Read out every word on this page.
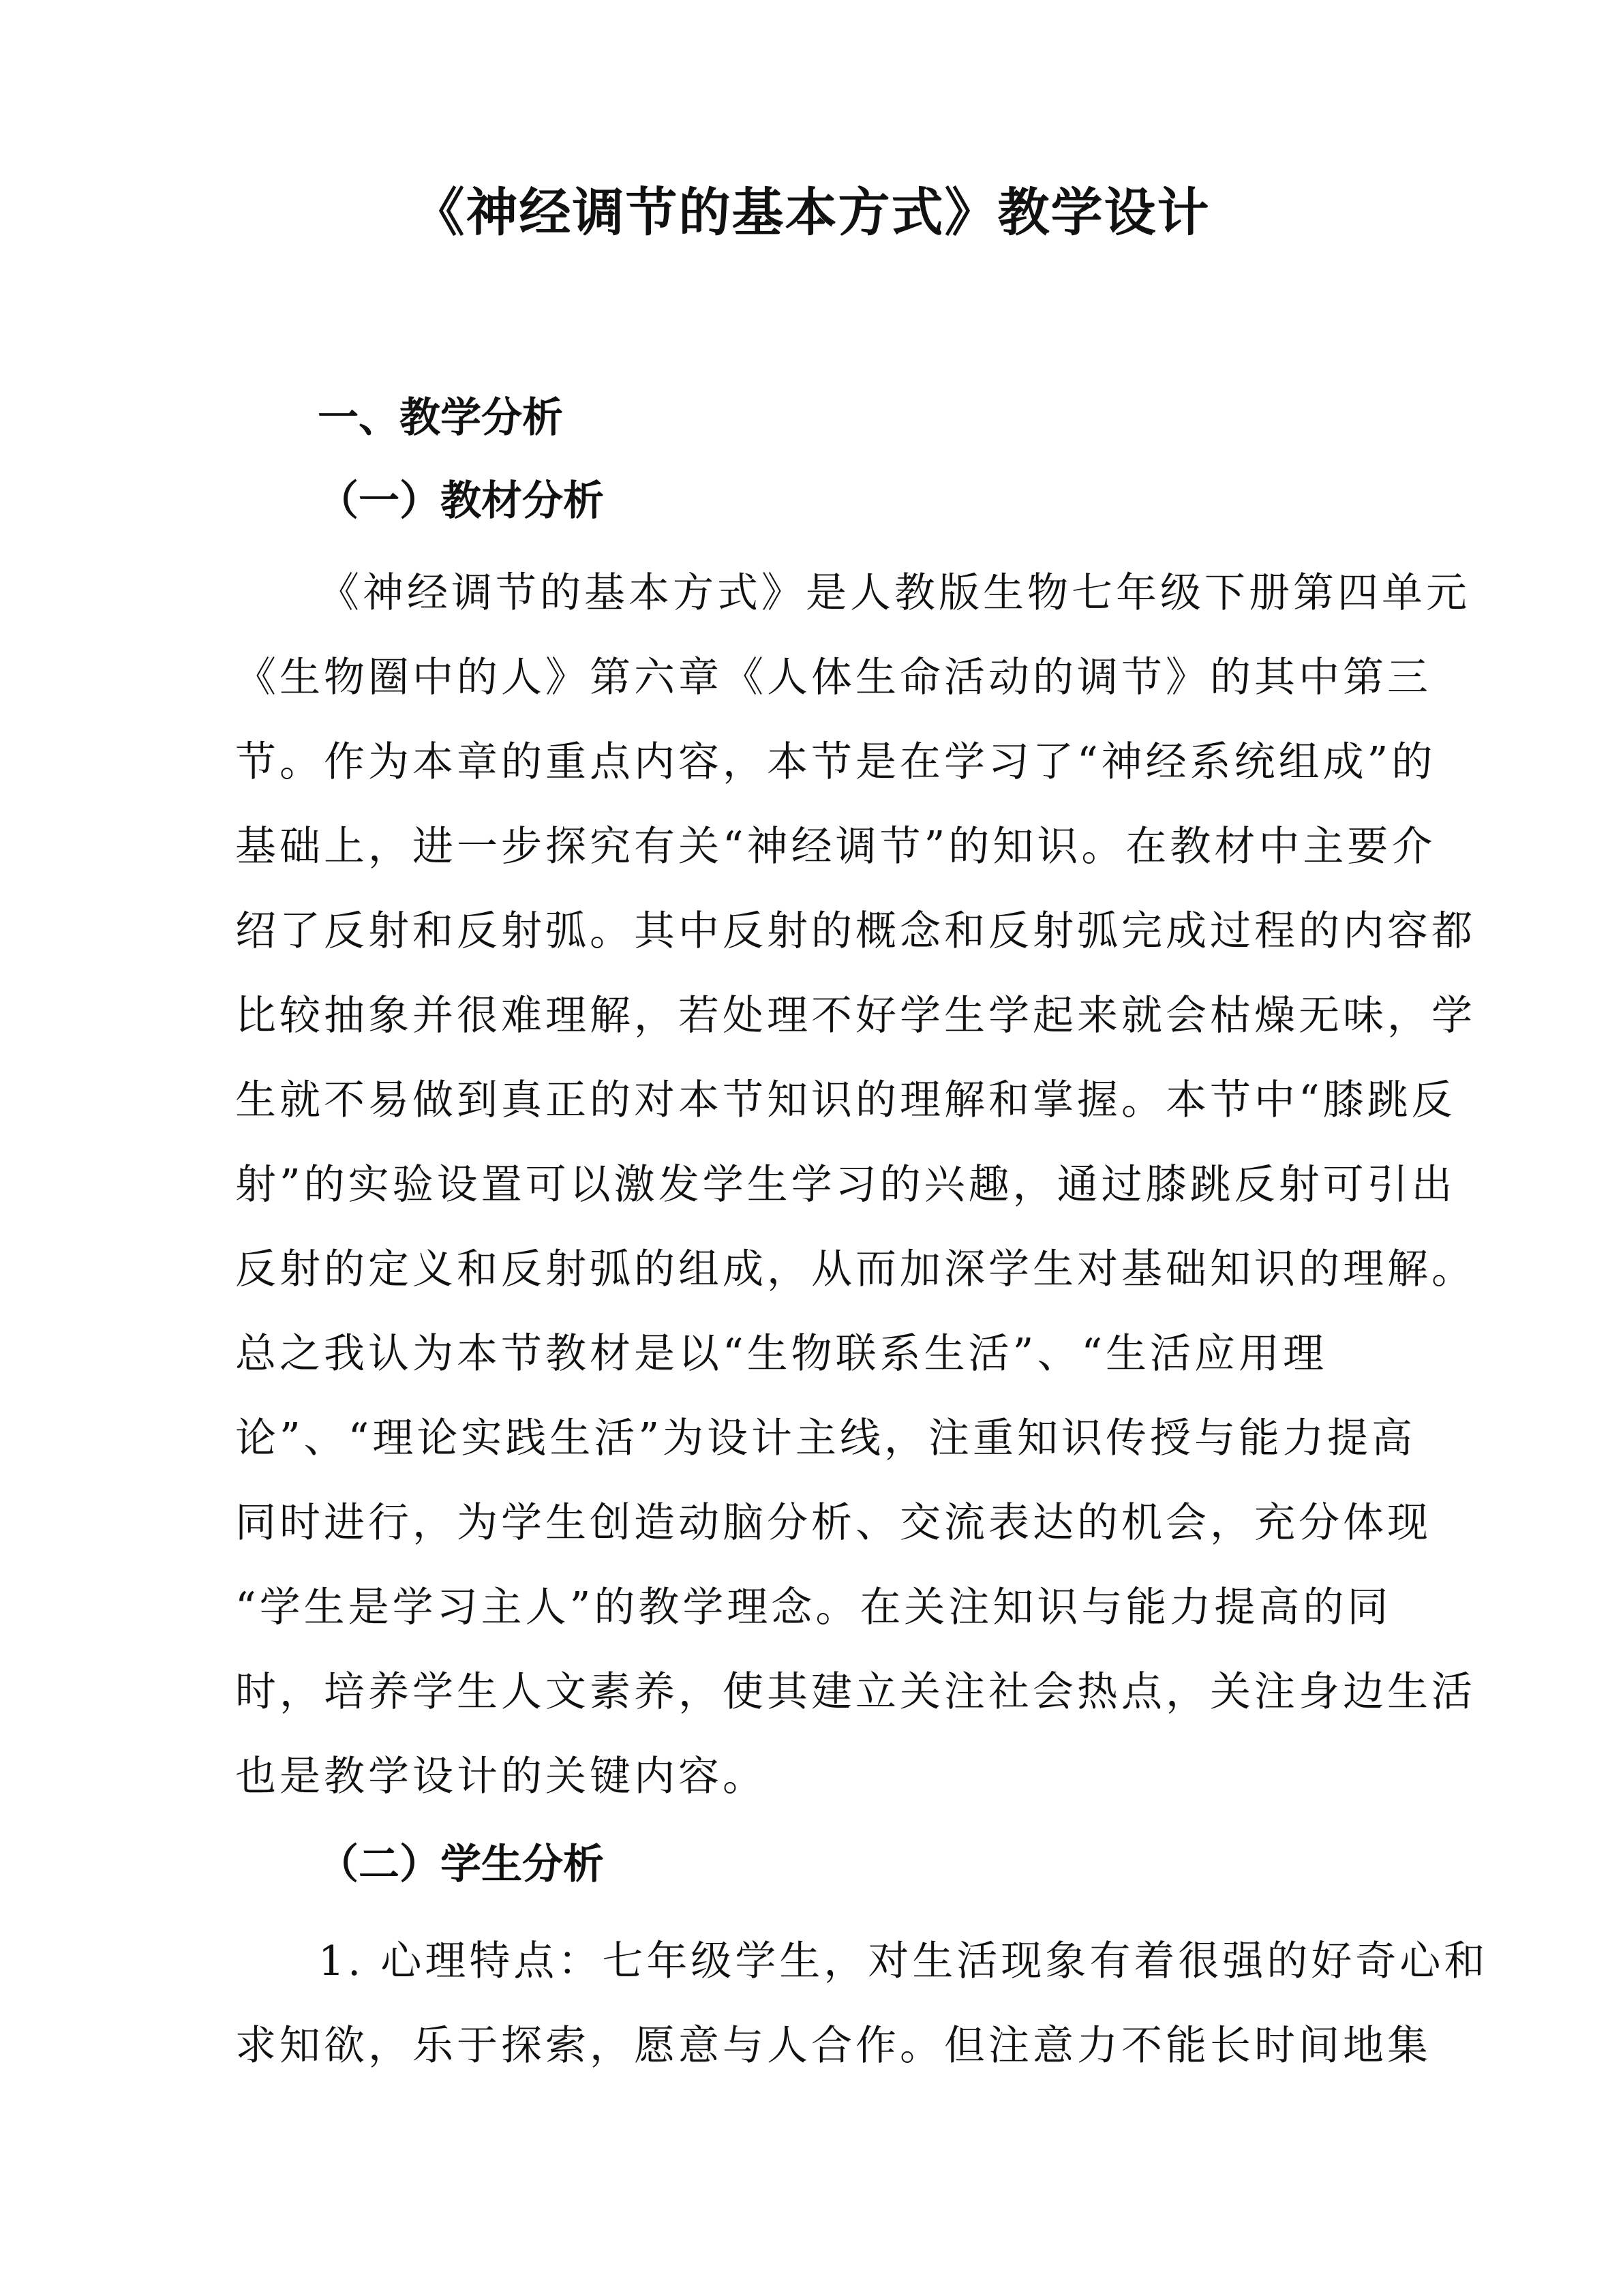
《神经调节的基本方式》教学设计
一、教学分析
（一）教材分析
《神经调节的基本方式》是人教版生物七年级下册第四单元
《生物圈中的人》第六章《人体生命活动的调节》的其中第三
节。作为本章的重点内容，本节是在学习了“神经系统组成”的
基础上，进一步探究有关“神经调节”的知识。在教材中主要介
绍了反射和反射弧。其中反射的概念和反射弧完成过程的内容都
比较抽象并很难理解，若处理不好学生学起来就会枯燥无味，学
生就不易做到真正的对本节知识的理解和掌握。本节中“膝跳反
射”的实验设置可以激发学生学习的兴趣，通过膝跳反射可引出
反射的定义和反射弧的组成，从而加深学生对基础知识的理解。
总之我认为本节教材是以“生物联系生活”、“生活应用理
论”、“理论实践生活”为设计主线，注重知识传授与能力提高
同时进行，为学生创造动脑分析、交流表达的机会，充分体现
“学生是学习主人”的教学理念。在关注知识与能力提高的同
时，培养学生人文素养，使其建立关注社会热点，关注身边生活
也是教学设计的关键内容。
（二）学生分析
1. 心理特点：七年级学生，对生活现象有着很强的好奇心和
求知欲，乐于探索，愿意与人合作。但注意力不能长时间地集
